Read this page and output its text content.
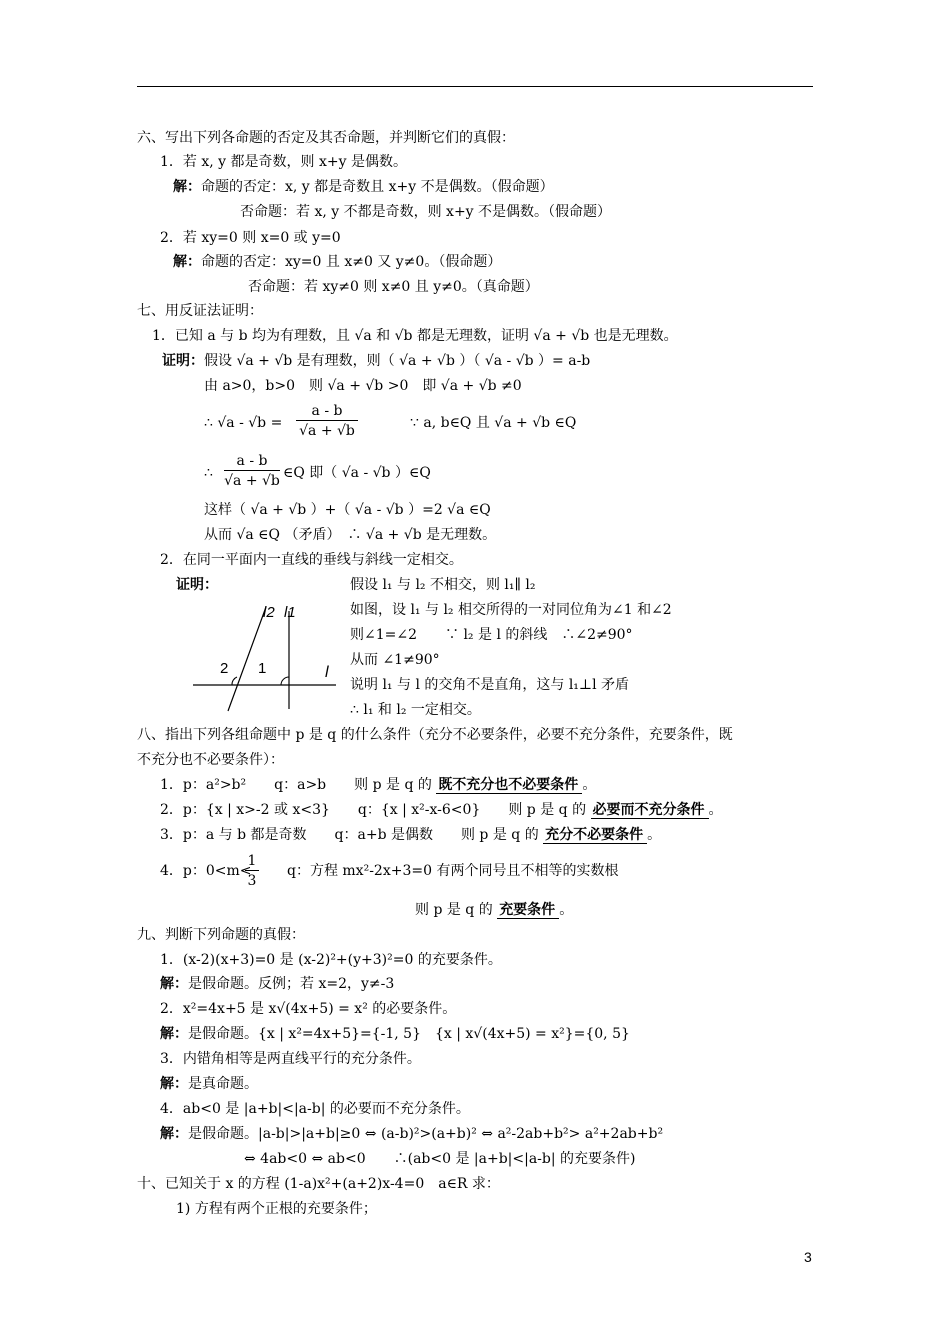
六、写出下列各命题的否定及其否命题，并判断它们的真假：
1．若 x, y 都是奇数，则 x+y 是偶数。
解：命题的否定：x, y 都是奇数且 x+y 不是偶数。（假命题）
否命题：若 x, y 不都是奇数，则 x+y 不是偶数。（假命题）
2．若 xy=0 则 x=0 或 y=0
解：命题的否定：xy=0 且 x≠0 又 y≠0。（假命题）
否命题：若 xy≠0 则 x≠0 且 y≠0。（真命题）
七、用反证法证明：
1．已知 a 与 b 均为有理数，且 √a 和 √b 都是无理数，证明 √a + √b 也是无理数。
证明：假设 √a + √b 是有理数，则（ √a + √b ）（ √a - √b ）= a-b
由 a>0，b>0　则 √a + √b >0　即 √a + √b ≠0
∴ $√a - √b = \frac{a - b}{√a + √b}$	∵ a, b∈Q 且 √a + √b ∈Q
∴ $\frac{a - b}{√a + √b}$ ∈Q 即（ √a - √b ）∈Q
这样（ √a + √b ）+（ √a - √b ）=2 √a ∈Q
从而 √a ∈Q （矛盾）　∴ √a + √b 是无理数。
2．在同一平面内一直线的垂线与斜线一定相交。
证明：	假设 l₁ 与 l₂ 不相交，则 l₁∥ l₂
如图，设 l₁ 与 l₂ 相交所得的一对同位角为∠1 和∠2
则∠1=∠2　　∵ l₂ 是 l 的斜线　∴∠2≠90°
从而 ∠1≠90°
说明 l₁ 与 l 的交角不是直角，这与 l₁⊥l 矛盾
∴ l₁ 和 l₂ 一定相交。
l2 l1
l
2 1
八、指出下列各组命题中 p 是 q 的什么条件（充分不必要条件，必要不充分条件，充要条件，既
不充分也不必要条件）：
1．p：a²>b²　　q：a>b　　则 p 是 q 的 既不充分也不必要条件 。
2．p：{x | x>-2 或 x<3}　　q：{x | x²-x-6<0}　　则 p 是 q 的 必要而不充分条件 。
3．p：a 与 b 都是奇数　　q：a+b 是偶数　　则 p 是 q 的 充分不必要条件 。
4．p：0<m<
$\frac{1}{3}$ q：方程 mx²-2x+3=0 有两个同号且不相等的实数根
则 p 是 q 的 充要条件 。
九、判断下列命题的真假：
1．(x-2)(x+3)=0 是 (x-2)²+(y+3)²=0 的充要条件。
解：是假命题。反例；若 x=2，y≠-3
2．x²=4x+5 是 x√(4x+5) = x² 的必要条件。
解：是假命题。{x | x²=4x+5}={-1, 5}　{x | x√(4x+5) = x²}={0, 5}
3．内错角相等是两直线平行的充分条件。
解：是真命题。
4．ab<0 是 |a+b|<|a-b| 的必要而不充分条件。
解：是假命题。|a-b|>|a+b|≥0 ⇔ (a-b)²>(a+b)² ⇔ a²-2ab+b²> a²+2ab+b²
⇔ 4ab<0 ⇔ ab<0　　∴(ab<0 是 |a+b|<|a-b| 的充要条件)
十、已知关于 x 的方程 (1-a)x²+(a+2)x-4=0　a∈R 求：
1) 方程有两个正根的充要条件；
3
